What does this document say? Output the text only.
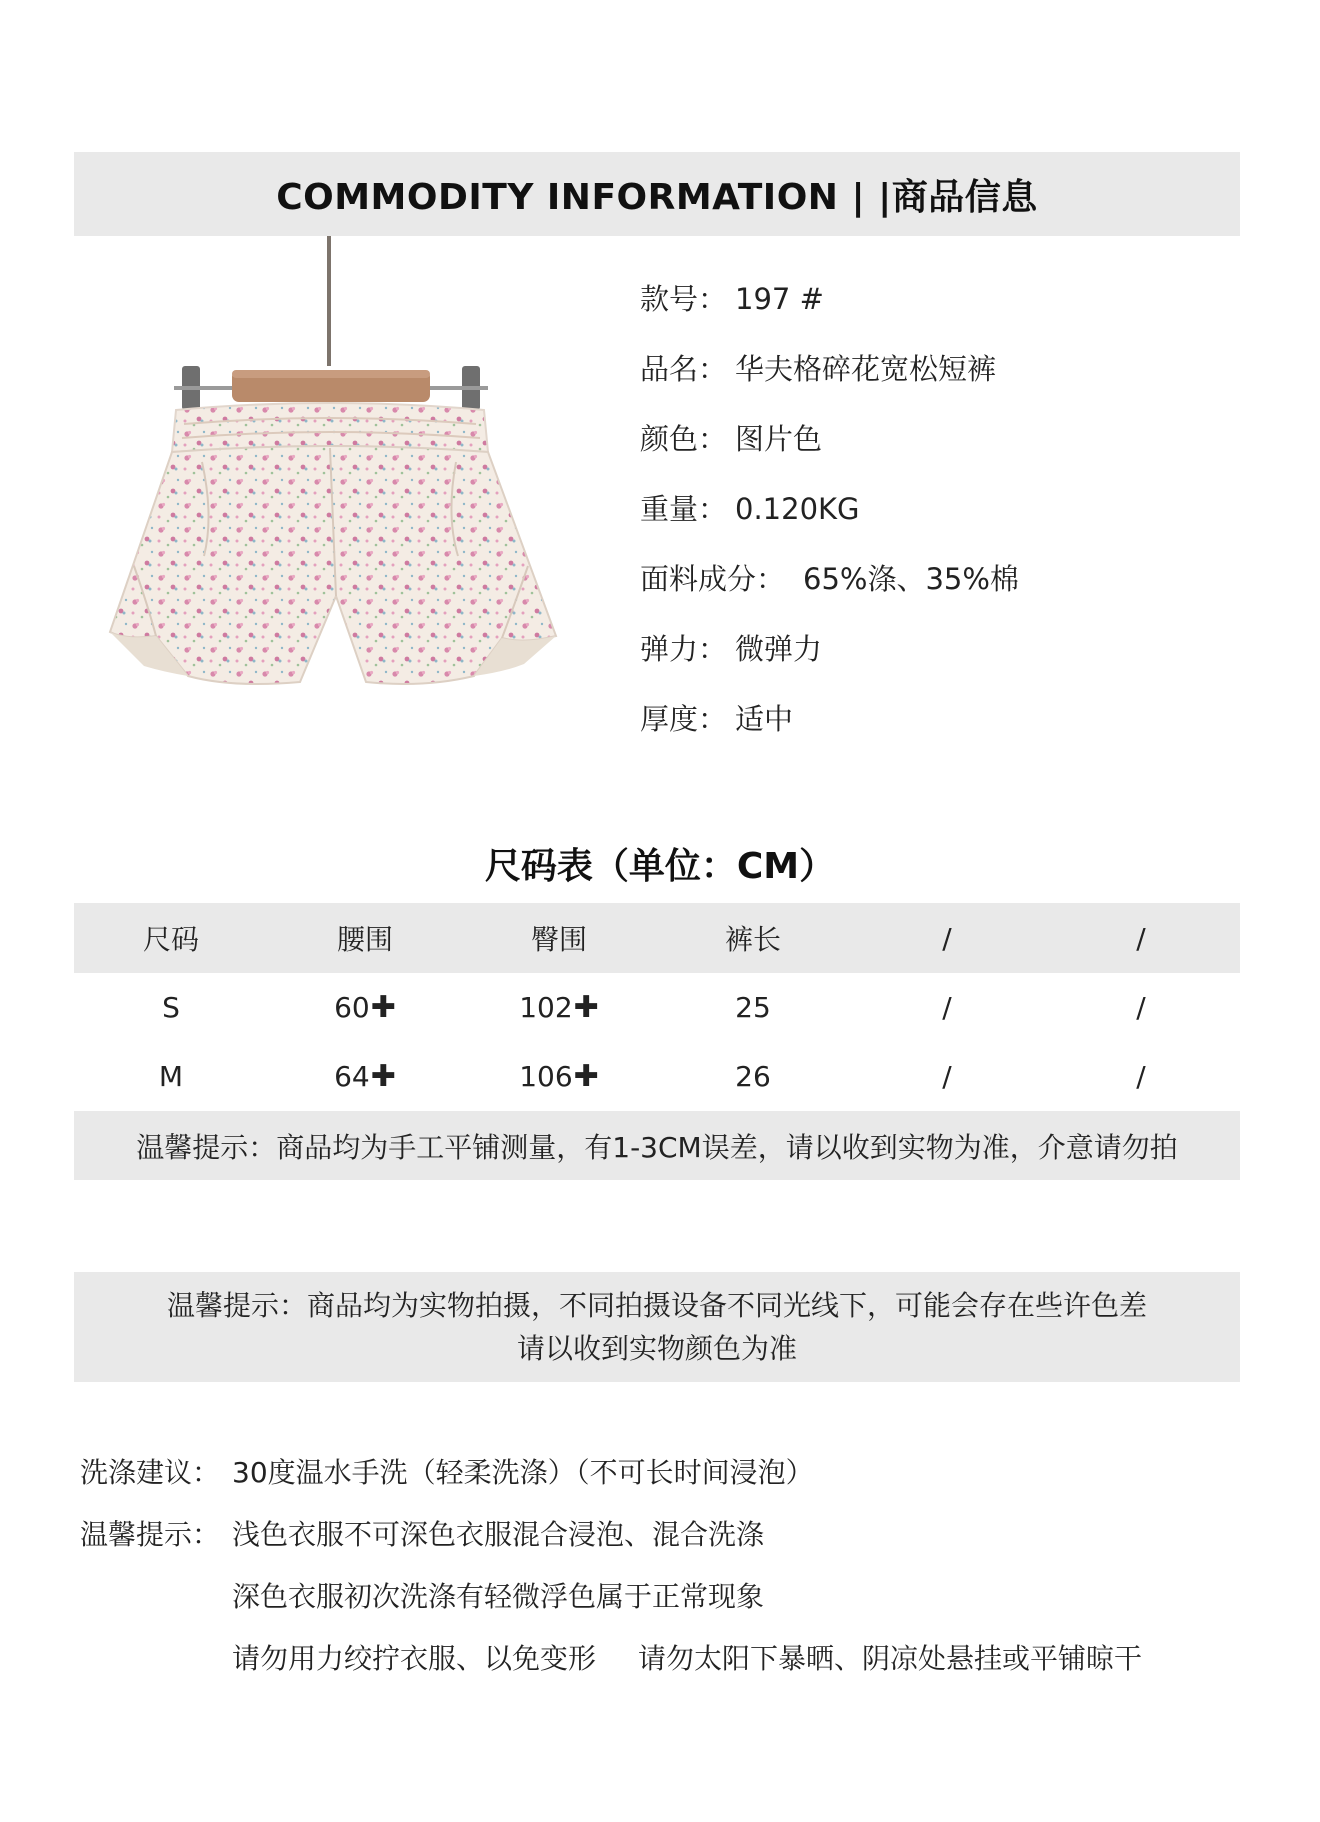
COMMODITY INFORMATION | |商品信息
款号： 197 #
品名： 华夫格碎花宽松短裤
颜色： 图片色
重量： 0.120KG
面料成分： 65%涤、35%棉
弹力： 微弹力
厚度： 适中
尺码表（单位：CM）
尺码	腰围	臀围	裤长	/	/
S	60✚	102✚	25	/	/
M	64✚	106✚	26	/	/
温馨提示：商品均为手工平铺测量，有1-3CM误差，请以收到实物为准，介意请勿拍
温馨提示：商品均为实物拍摄，不同拍摄设备不同光线下，可能会存在些许色差
请以收到实物颜色为准
洗涤建议： 30度温水手洗（轻柔洗涤）（不可长时间浸泡）
温馨提示： 浅色衣服不可深色衣服混合浸泡、混合洗涤
深色衣服初次洗涤有轻微浮色属于正常现象
请勿用力绞拧衣服、以免变形 请勿太阳下暴晒、阴凉处悬挂或平铺晾干
